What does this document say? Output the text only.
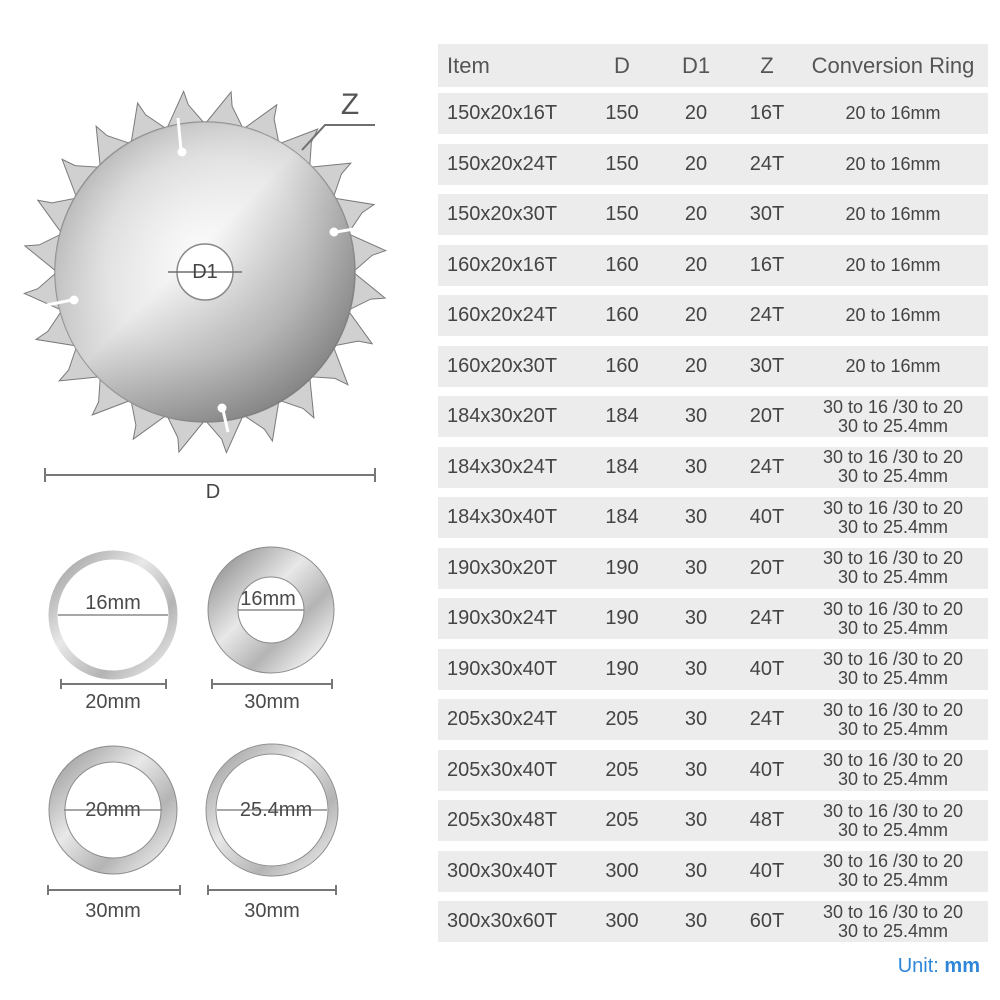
D1
Z
D
16mm
20mm
16mm
30mm
20mm
30mm
25.4mm
30mm
Item	D	D1	Z	Conversion Ring
150x20x16T	150	20	16T	20 to 16mm
150x20x24T	150	20	24T	20 to 16mm
150x20x30T	150	20	30T	20 to 16mm
160x20x16T	160	20	16T	20 to 16mm
160x20x24T	160	20	24T	20 to 16mm
160x20x30T	160	20	30T	20 to 16mm
184x30x20T	184	30	20T	30 to 16 /30 to 20
30 to 25.4mm
184x30x24T	184	30	24T	30 to 16 /30 to 20
30 to 25.4mm
184x30x40T	184	30	40T	30 to 16 /30 to 20
30 to 25.4mm
190x30x20T	190	30	20T	30 to 16 /30 to 20
30 to 25.4mm
190x30x24T	190	30	24T	30 to 16 /30 to 20
30 to 25.4mm
190x30x40T	190	30	40T	30 to 16 /30 to 20
30 to 25.4mm
205x30x24T	205	30	24T	30 to 16 /30 to 20
30 to 25.4mm
205x30x40T	205	30	40T	30 to 16 /30 to 20
30 to 25.4mm
205x30x48T	205	30	48T	30 to 16 /30 to 20
30 to 25.4mm
300x30x40T	300	30	40T	30 to 16 /30 to 20
30 to 25.4mm
300x30x60T	300	30	60T	30 to 16 /30 to 20
30 to 25.4mm
Unit: mm
